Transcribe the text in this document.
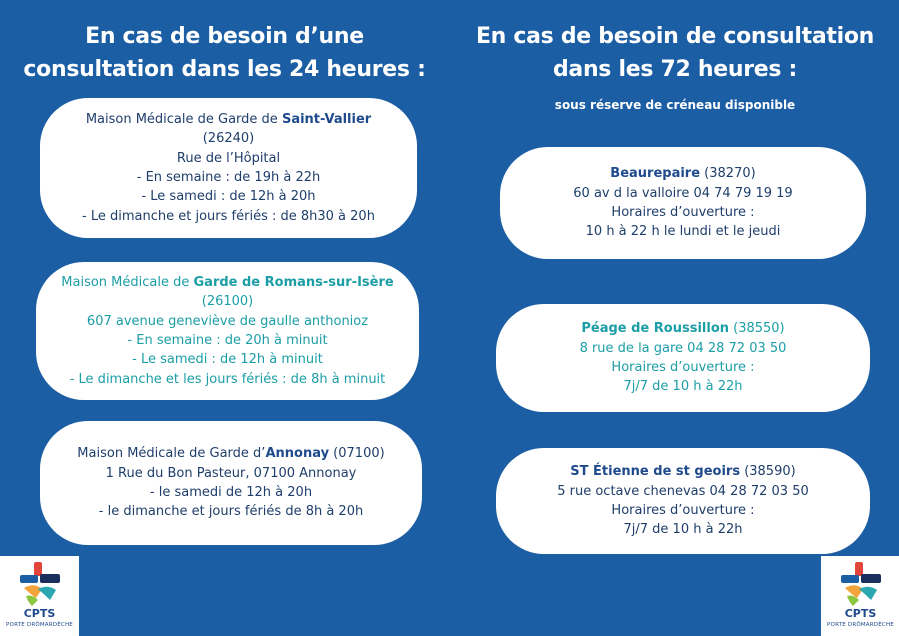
En cas de besoin d’une
consultation dans les 24 heures :
En cas de besoin de consultation
dans les 72 heures :
sous réserve de créneau disponible
Maison Médicale de Garde de Saint-Vallier
(26240)
Rue de l’Hôpital
- En semaine : de 19h à 22h
- Le samedi : de 12h à 20h
- Le dimanche et jours fériés : de 8h30 à 20h
Maison Médicale de Garde de Romans-sur-Isère
(26100)
607 avenue geneviève de gaulle anthonioz
- En semaine : de 20h à minuit
- Le samedi : de 12h à minuit
- Le dimanche et les jours fériés : de 8h à minuit
Maison Médicale de Garde d’Annonay (07100)
1 Rue du Bon Pasteur, 07100 Annonay
- le samedi de 12h à 20h
- le dimanche et jours fériés de 8h à 20h
Beaurepaire (38270)
60 av d la valloire 04 74 79 19 19
Horaires d’ouverture :
10 h à 22 h le lundi et le jeudi
Péage de Roussillon (38550)
8 rue de la gare 04 28 72 03 50
Horaires d’ouverture :
7j/7 de 10 h à 22h
ST Étienne de st geoirs (38590)
5 rue octave chenevas 04 28 72 03 50
Horaires d’ouverture :
7j/7 de 10 h à 22h
CPTS
PORTE DRÔMARDÈCHE
CPTS
PORTE DRÔMARDÈCHE
